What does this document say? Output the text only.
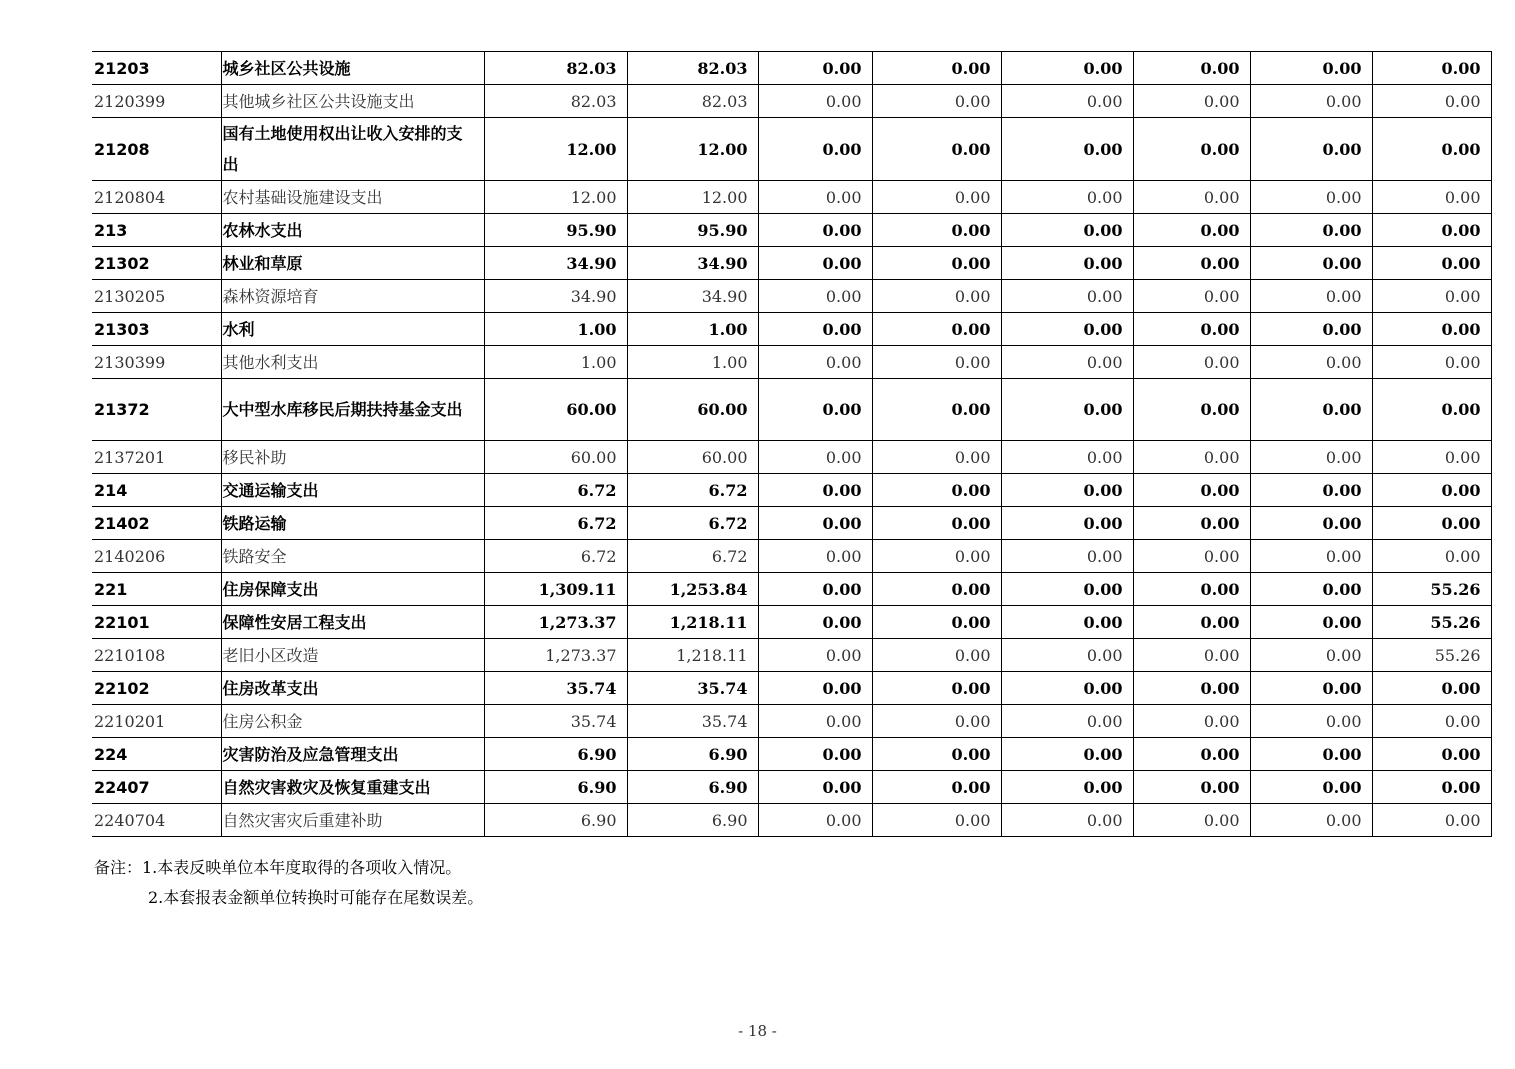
21203	城乡社区公共设施	82.03	82.03	0.00	0.00	0.00	0.00	0.00	0.00
2120399	其他城乡社区公共设施支出	82.03	82.03	0.00	0.00	0.00	0.00	0.00	0.00
21208	国有土地使用权出让收入安排的支出	12.00	12.00	0.00	0.00	0.00	0.00	0.00	0.00
2120804	农村基础设施建设支出	12.00	12.00	0.00	0.00	0.00	0.00	0.00	0.00
213	农林水支出	95.90	95.90	0.00	0.00	0.00	0.00	0.00	0.00
21302	林业和草原	34.90	34.90	0.00	0.00	0.00	0.00	0.00	0.00
2130205	森林资源培育	34.90	34.90	0.00	0.00	0.00	0.00	0.00	0.00
21303	水利	1.00	1.00	0.00	0.00	0.00	0.00	0.00	0.00
2130399	其他水利支出	1.00	1.00	0.00	0.00	0.00	0.00	0.00	0.00
21372	大中型水库移民后期扶持基金支出	60.00	60.00	0.00	0.00	0.00	0.00	0.00	0.00
2137201	移民补助	60.00	60.00	0.00	0.00	0.00	0.00	0.00	0.00
214	交通运输支出	6.72	6.72	0.00	0.00	0.00	0.00	0.00	0.00
21402	铁路运输	6.72	6.72	0.00	0.00	0.00	0.00	0.00	0.00
2140206	铁路安全	6.72	6.72	0.00	0.00	0.00	0.00	0.00	0.00
221	住房保障支出	1,309.11	1,253.84	0.00	0.00	0.00	0.00	0.00	55.26
22101	保障性安居工程支出	1,273.37	1,218.11	0.00	0.00	0.00	0.00	0.00	55.26
2210108	老旧小区改造	1,273.37	1,218.11	0.00	0.00	0.00	0.00	0.00	55.26
22102	住房改革支出	35.74	35.74	0.00	0.00	0.00	0.00	0.00	0.00
2210201	住房公积金	35.74	35.74	0.00	0.00	0.00	0.00	0.00	0.00
224	灾害防治及应急管理支出	6.90	6.90	0.00	0.00	0.00	0.00	0.00	0.00
22407	自然灾害救灾及恢复重建支出	6.90	6.90	0.00	0.00	0.00	0.00	0.00	0.00
2240704	自然灾害灾后重建补助	6.90	6.90	0.00	0.00	0.00	0.00	0.00	0.00
备注：1.本表反映单位本年度取得的各项收入情况。
2.本套报表金额单位转换时可能存在尾数误差。
- 18 -
